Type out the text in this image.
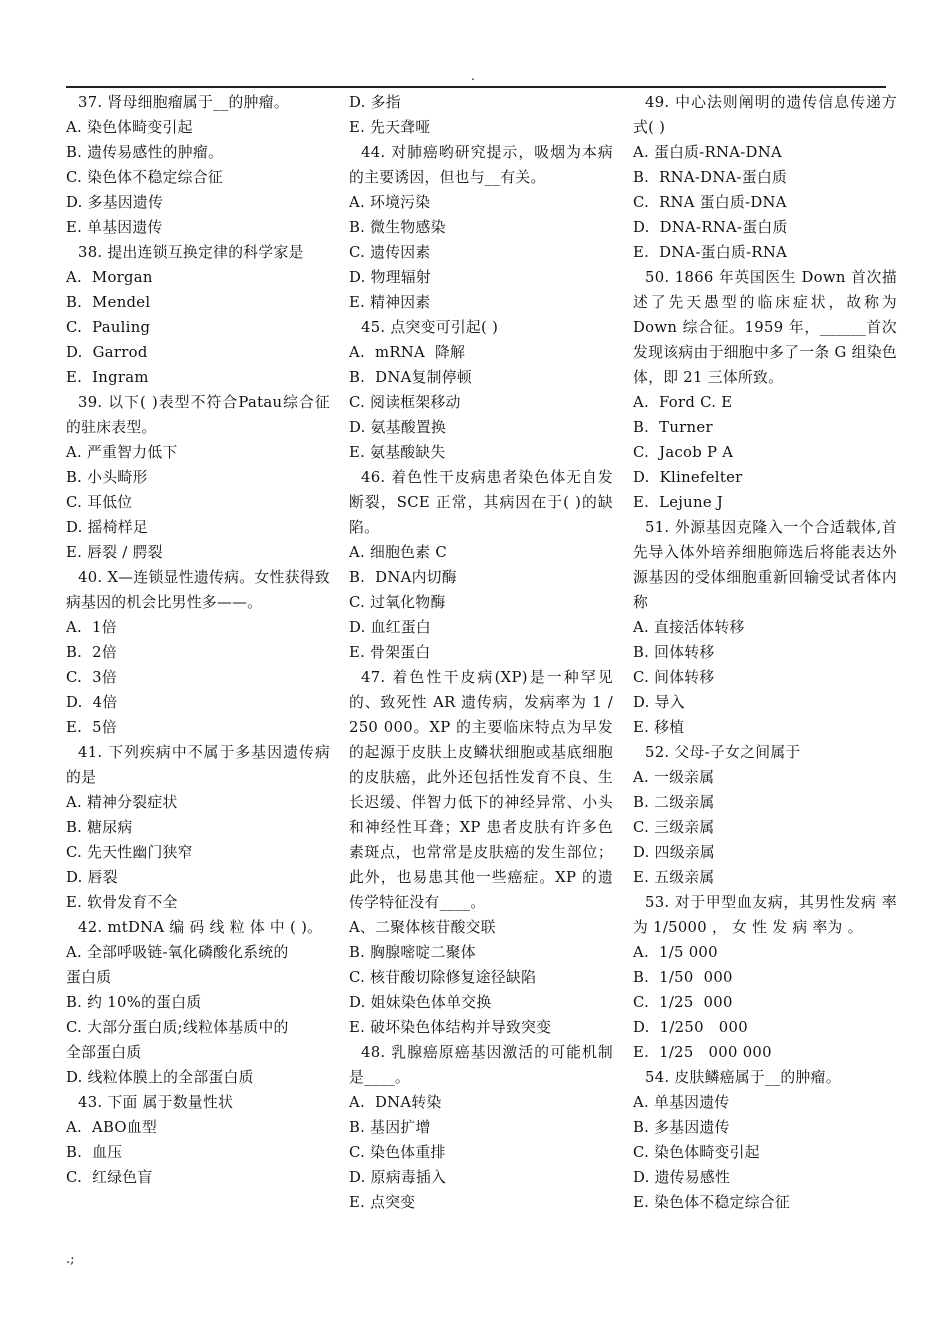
.

37. 肾母细胞瘤属于__的肿瘤。

A. 染色体畸变引起

B. 遗传易感性的肿瘤。

C. 染色体不稳定综合征

D. 多基因遗传

E. 单基因遗传

38. 提出连锁互换定律的科学家是

A.  Morgan

B.  Mendel

C.  Pauling

D.  Garrod

E.  Ingram

39. 以下( )表型不符合Patau综合征的驻床表型。

A. 严重智力低下

B. 小头畸形

C. 耳低位

D. 摇椅样足

E. 唇裂 / 腭裂

40. X—连锁显性遗传病。女性获得致病基因的机会比男性多——。

A.  1倍

B.  2倍

C.  3倍

D.  4倍

E.  5倍

41. 下列疾病中不属于多基因遗传病的是

A. 精神分裂症状

B. 糖尿病

C. 先天性幽门狭窄

D. 唇裂

E. 软骨发育不全

42. mtDNA 编 码 线 粒 体 中 ( )。

A. 全部呼吸链-氧化磷酸化系统的

蛋白质

B. 约 10%的蛋白质

C. 大部分蛋白质;线粒体基质中的

全部蛋白质

D. 线粒体膜上的全部蛋白质

43. 下面 属于数量性状

A.  ABO血型

B.  血压

C.  红绿色盲

D. 多指

E. 先天聋哑

44. 对肺癌哟研究提示，吸烟为本病的主要诱因，但也与__有关。

A. 环境污染

B. 微生物感染

C. 遗传因素

D. 物理辐射

E. 精神因素

45. 点突变可引起( )

A.  mRNA  降解

B.  DNA复制停顿

C. 阅读框架移动

D. 氨基酸置换

E. 氨基酸缺失

46. 着色性干皮病患者染色体无自发断裂，SCE 正常，其病因在于( )的缺陷。

A. 细胞色素 C

B.  DNA内切酶

C. 过氧化物酶

D. 血红蛋白

E. 骨架蛋白

47. 着色性干皮病(XP)是一种罕见的、致死性 AR 遗传病，发病率为 1 / 250 000。XP 的主要临床特点为早发的起源于皮肤上皮鳞状细胞或基底细胞的皮肤癌，此外还包括性发育不良、生长迟缓、伴智力低下的神经异常、小头和神经性耳聋；XP 患者皮肤有许多色素斑点，也常常是皮肤癌的发生部位；此外，也易患其他一些癌症。XP 的遗传学特征没有____。

A、二聚体核苷酸交联

B. 胸腺嘧啶二聚体

C. 核苷酸切除修复途径缺陷

D. 姐妹染色体单交换

E. 破坏染色体结构并导致突变

48. 乳腺癌原癌基因激活的可能机制是____。

A.  DNA转染

B. 基因扩增

C. 染色体重排

D. 原病毒插入

E. 点突变

49. 中心法则阐明的遗传信息传递方式( )

A. 蛋白质-RNA-DNA

B.  RNA-DNA-蛋白质

C.  RNA 蛋白质-DNA

D.  DNA-RNA-蛋白质

E.  DNA-蛋白质-RNA

50. 1866 年英国医生 Down 首次描述了先天愚型的临床症状，故称为 Down 综合征。1959 年，______首次发现该病由于细胞中多了一条 G 组染色体，即 21 三体所致。

A.  Ford C. E

B.  Turner

C.  Jacob P A

D.  Klinefelter

E.  Lejune J

51. 外源基因克隆入一个合适载体,首先导入体外培养细胞筛选后将能表达外源基因的受体细胞重新回输受试者体内称

A. 直接活体转移

B. 回体转移

C. 间体转移

D. 导入

E. 移植

52. 父母-子女之间属于

A. 一级亲属

B. 二级亲属

C. 三级亲属

D. 四级亲属

E. 五级亲属

53. 对于甲型血友病，其男性发病 率 为 1/5000 ， 女 性 发 病 率为 。

A.  1/5 000

B.  1/50  000

C.  1/25  000

D.  1/250   000

E.  1/25   000 000

54. 皮肤鳞癌属于__的肿瘤。

A. 单基因遗传

B. 多基因遗传

C. 染色体畸变引起

D. 遗传易感性

E. 染色体不稳定综合征

.;
